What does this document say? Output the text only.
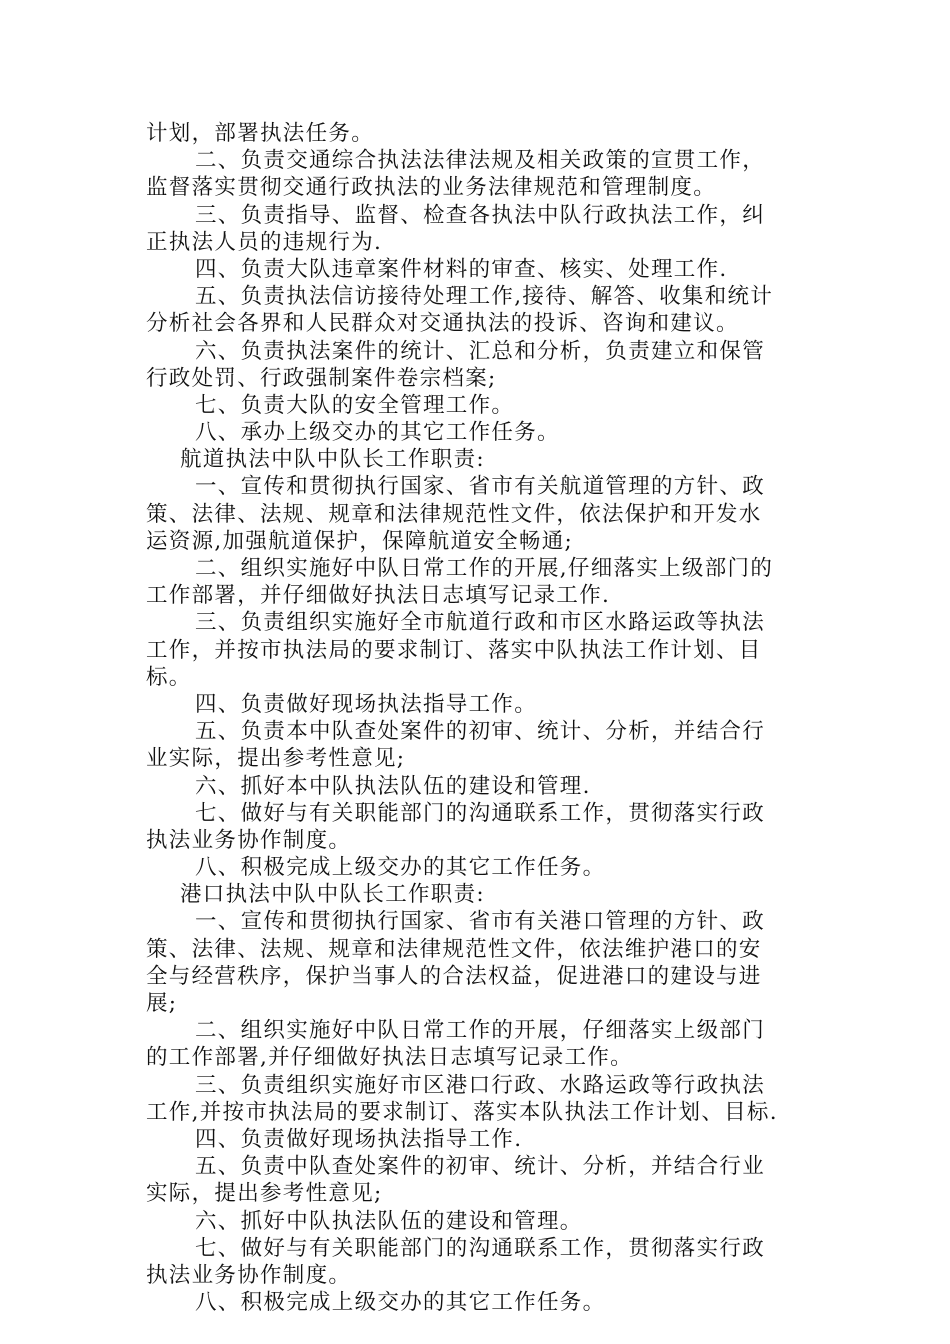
计划，部署执法任务。
二、负责交通综合执法法律法规及相关政策的宣贯工作，
监督落实贯彻交通行政执法的业务法律规范和管理制度。
三、负责指导、监督、检查各执法中队行政执法工作，纠
正执法人员的违规行为.
四、负责大队违章案件材料的审查、核实、处理工作.
五、负责执法信访接待处理工作,接待、解答、收集和统计
分析社会各界和人民群众对交通执法的投诉、咨询和建议。
六、负责执法案件的统计、汇总和分析，负责建立和保管
行政处罚、行政强制案件卷宗档案;
七、负责大队的安全管理工作。
八、承办上级交办的其它工作任务。
航道执法中队中队长工作职责:
一、宣传和贯彻执行国家、省市有关航道管理的方针、政
策、法律、法规、规章和法律规范性文件，依法保护和开发水
运资源,加强航道保护，保障航道安全畅通;
二、组织实施好中队日常工作的开展,仔细落实上级部门的
工作部署，并仔细做好执法日志填写记录工作.
三、负责组织实施好全市航道行政和市区水路运政等执法
工作，并按市执法局的要求制订、落实中队执法工作计划、目
标。
四、负责做好现场执法指导工作。
五、负责本中队查处案件的初审、统计、分析，并结合行
业实际，提出参考性意见;
六、抓好本中队执法队伍的建设和管理.
七、做好与有关职能部门的沟通联系工作，贯彻落实行政
执法业务协作制度。
八、积极完成上级交办的其它工作任务。
港口执法中队中队长工作职责:
一、宣传和贯彻执行国家、省市有关港口管理的方针、政
策、法律、法规、规章和法律规范性文件，依法维护港口的安
全与经营秩序，保护当事人的合法权益，促进港口的建设与进
展;
二、组织实施好中队日常工作的开展，仔细落实上级部门
的工作部署,并仔细做好执法日志填写记录工作。
三、负责组织实施好市区港口行政、水路运政等行政执法
工作,并按市执法局的要求制订、落实本队执法工作计划、目标.
四、负责做好现场执法指导工作.
五、负责中队查处案件的初审、统计、分析，并结合行业
实际，提出参考性意见;
六、抓好中队执法队伍的建设和管理。
七、做好与有关职能部门的沟通联系工作，贯彻落实行政
执法业务协作制度。
八、积极完成上级交办的其它工作任务。
